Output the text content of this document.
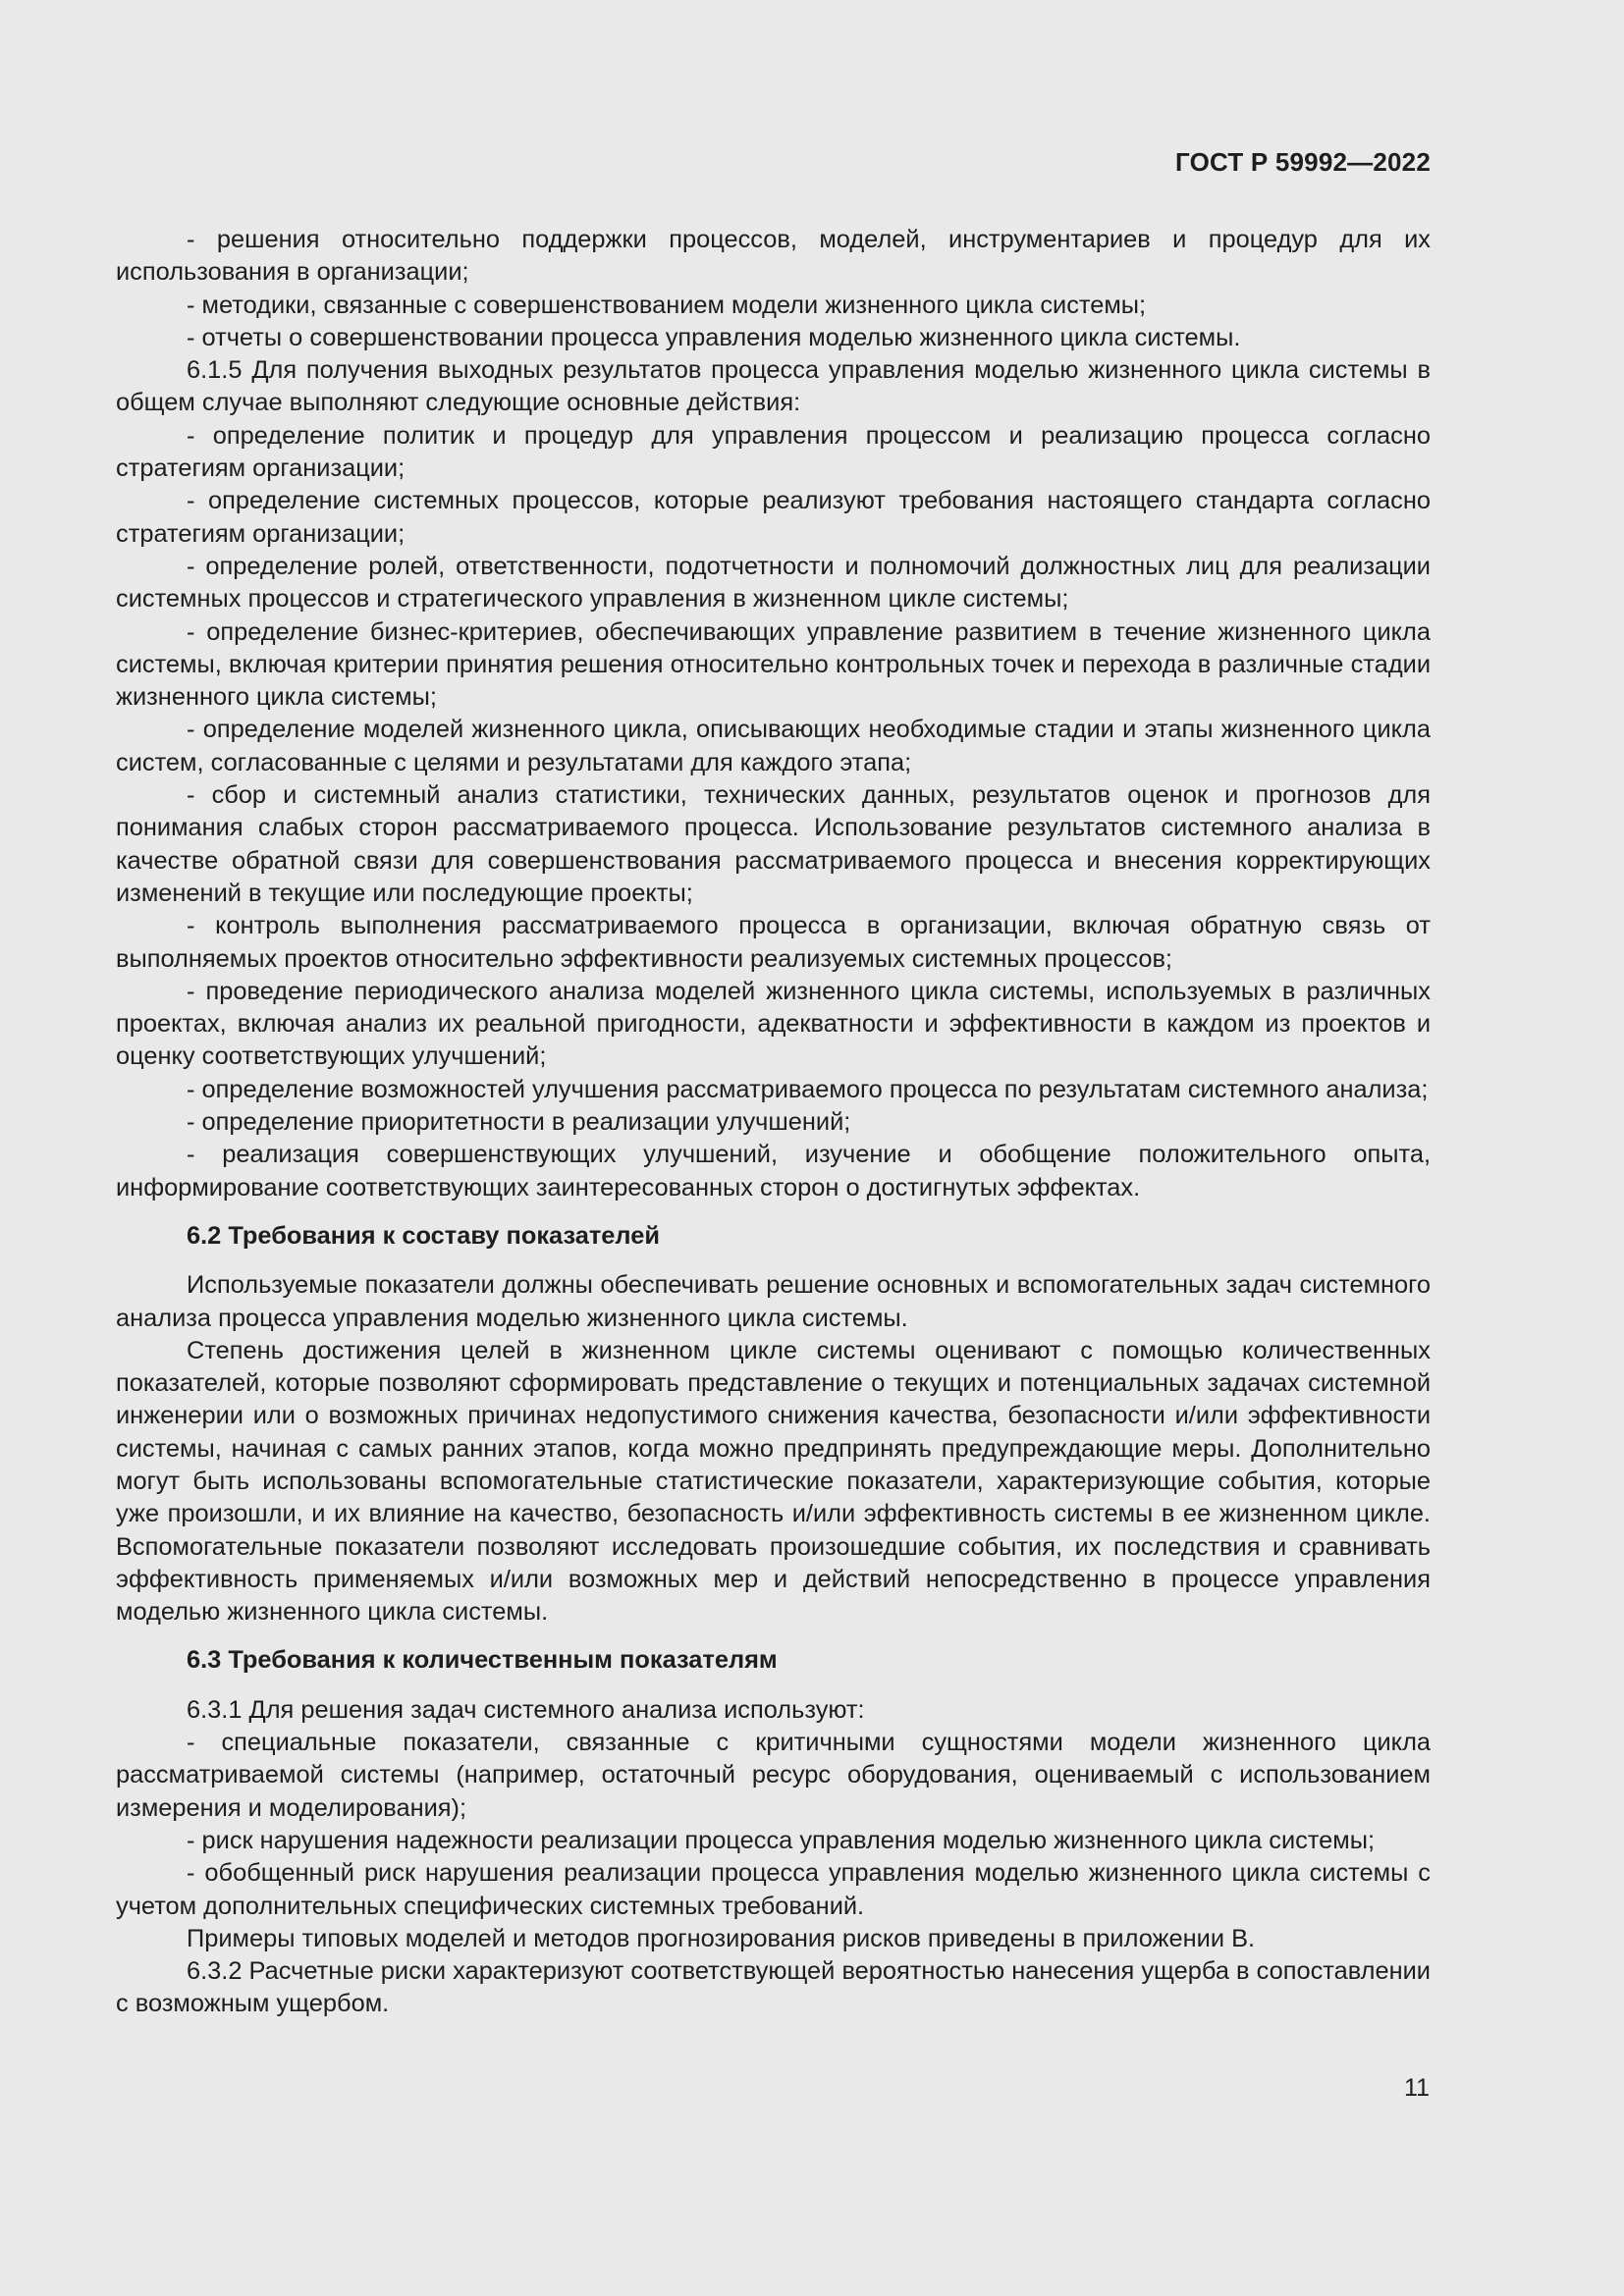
ГОСТ Р 59992—2022

- решения относительно поддержки процессов, моделей, инструментариев и процедур для их использования в организации;

- методики, связанные с совершенствованием модели жизненного цикла системы;

- отчеты о совершенствовании процесса управления моделью жизненного цикла системы.

6.1.5 Для получения выходных результатов процесса управления моделью жизненного цикла системы в общем случае выполняют следующие основные действия:

- определение политик и процедур для управления процессом и реализацию процесса согласно стратегиям организации;

- определение системных процессов, которые реализуют требования настоящего стандарта согласно стратегиям организации;

- определение ролей, ответственности, подотчетности и полномочий должностных лиц для реализации системных процессов и стратегического управления в жизненном цикле системы;

- определение бизнес-критериев, обеспечивающих управление развитием в течение жизненного цикла системы, включая критерии принятия решения относительно контрольных точек и перехода в различные стадии жизненного цикла системы;

- определение моделей жизненного цикла, описывающих необходимые стадии и этапы жизненного цикла систем, согласованные с целями и результатами для каждого этапа;

- сбор и системный анализ статистики, технических данных, результатов оценок и прогнозов для понимания слабых сторон рассматриваемого процесса. Использование результатов системного анализа в качестве обратной связи для совершенствования рассматриваемого процесса и внесения корректирующих изменений в текущие или последующие проекты;

- контроль выполнения рассматриваемого процесса в организации, включая обратную связь от выполняемых проектов относительно эффективности реализуемых системных процессов;

- проведение периодического анализа моделей жизненного цикла системы, используемых в различных проектах, включая анализ их реальной пригодности, адекватности и эффективности в каждом из проектов и оценку соответствующих улучшений;

- определение возможностей улучшения рассматриваемого процесса по результатам системного анализа;

- определение приоритетности в реализации улучшений;

- реализация совершенствующих улучшений, изучение и обобщение положительного опыта, информирование соответствующих заинтересованных сторон о достигнутых эффектах.

6.2 Требования к составу показателей

Используемые показатели должны обеспечивать решение основных и вспомогательных задач системного анализа процесса управления моделью жизненного цикла системы.

Степень достижения целей в жизненном цикле системы оценивают с помощью количественных показателей, которые позволяют сформировать представление о текущих и потенциальных задачах системной инженерии или о возможных причинах недопустимого снижения качества, безопасности и/или эффективности системы, начиная с самых ранних этапов, когда можно предпринять предупреждающие меры. Дополнительно могут быть использованы вспомогательные статистические показатели, характеризующие события, которые уже произошли, и их влияние на качество, безопасность и/или эффективность системы в ее жизненном цикле. Вспомогательные показатели позволяют исследовать произошедшие события, их последствия и сравнивать эффективность применяемых и/или возможных мер и действий непосредственно в процессе управления моделью жизненного цикла системы.

6.3 Требования к количественным показателям

6.3.1 Для решения задач системного анализа используют:

- специальные показатели, связанные с критичными сущностями модели жизненного цикла рассматриваемой системы (например, остаточный ресурс оборудования, оцениваемый с использованием измерения и моделирования);

- риск нарушения надежности реализации процесса управления моделью жизненного цикла системы;

- обобщенный риск нарушения реализации процесса управления моделью жизненного цикла системы с учетом дополнительных специфических системных требований.

Примеры типовых моделей и методов прогнозирования рисков приведены в приложении В.

6.3.2 Расчетные риски характеризуют соответствующей вероятностью нанесения ущерба в сопоставлении с возможным ущербом.

11
